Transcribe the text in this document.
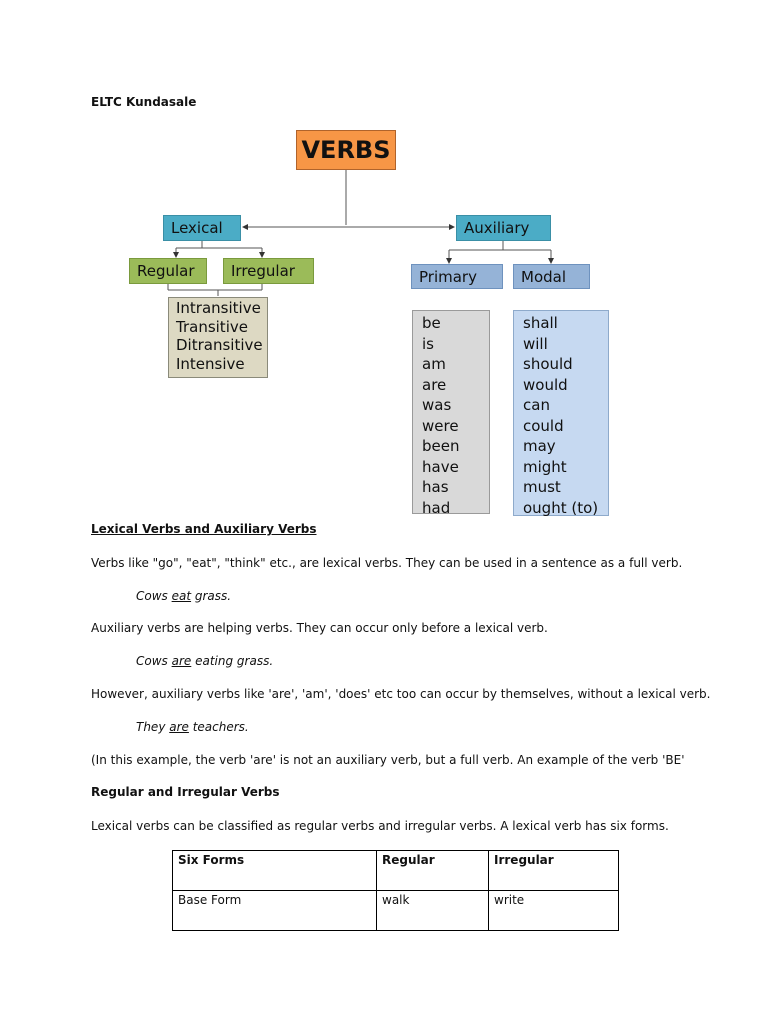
ELTC Kundasale
VERBS
Lexical	Auxiliary
Regular	Irregular	Primary	Modal
Intransitive
Transitive
Ditransitive
Intensive
be
is
am
are
was
were
been
have
has
had
shall
will
should
would
can
could
may
might
must
ought (to)
Lexical Verbs and Auxiliary Verbs
Verbs like "go", "eat", "think" etc., are lexical verbs. They can be used in a sentence as a full verb.
Cows eat grass.
Auxiliary verbs are helping verbs. They can occur only before a lexical verb.
Cows are eating grass.
However, auxiliary verbs like 'are', 'am', 'does' etc too can occur by themselves, without a lexical verb.
They are teachers.
(In this example, the verb 'are' is not an auxiliary verb, but a full verb. An example of the verb 'BE'
Regular and Irregular Verbs
Lexical verbs can be classified as regular verbs and irregular verbs. A lexical verb has six forms.
Six Forms	Regular	Irregular
Base Form	walk	write
